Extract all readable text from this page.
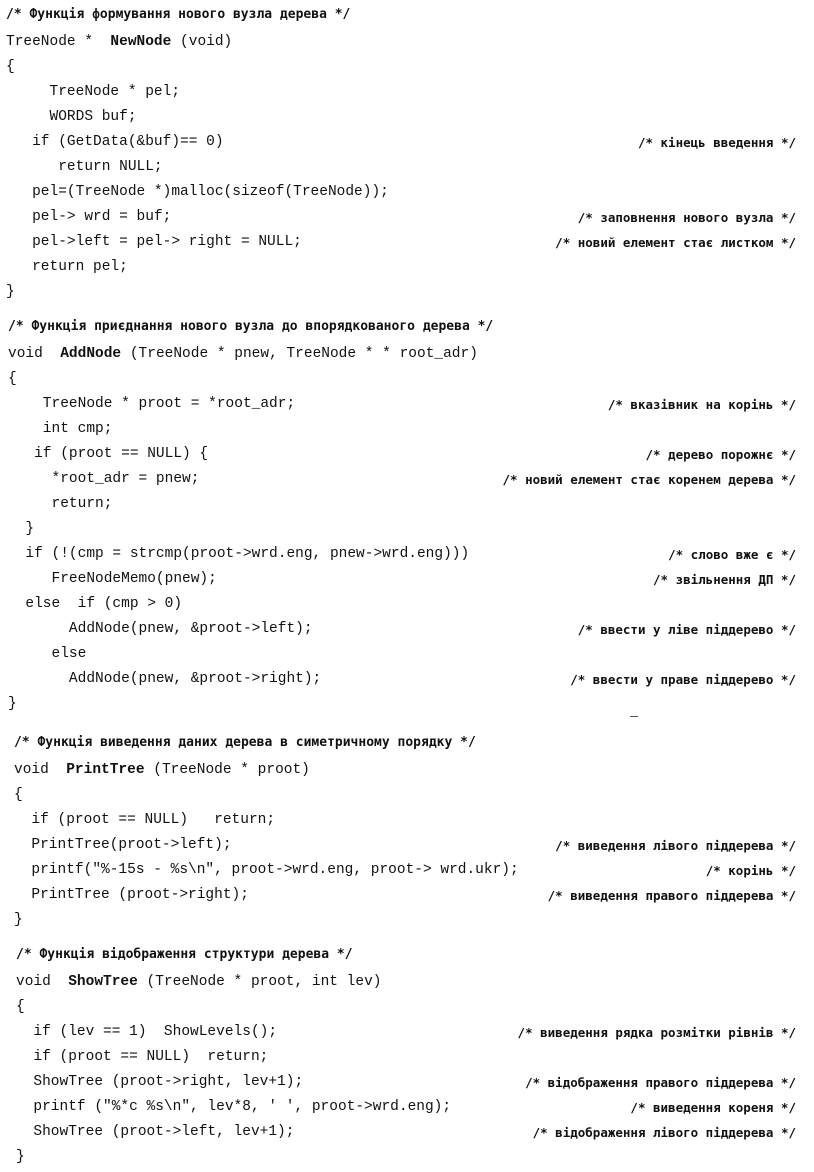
/* Функція формування нового вузла дерева */
TreeNode *  NewNode (void)
{
TreeNode * pel;
WORDS buf;
if (GetData(&buf)== 0)	/* кінець введення */
return NULL;
pel=(TreeNode *)malloc(sizeof(TreeNode));
pel-> wrd = buf;	/* заповнення нового вузла */
pel->left = pel-> right = NULL;	/* новий елемент стає листком */
return pel;
}
/* Функція приєднання нового вузла до впорядкованого дерева */
void  AddNode (TreeNode * pnew, TreeNode * * root_adr)
{
TreeNode * proot = *root_adr;	/* вказівник на корінь */
int cmp;
if (proot == NULL) {	/* дерево порожнє */
*root_adr = pnew;	/* новий елемент стає коренем дерева */
return;
}
if (!(cmp = strcmp(proot->wrd.eng, pnew->wrd.eng)))	/* слово вже є */
FreeNodeMemo(pnew);	/* звільнення ДП */
else  if (cmp > 0)
AddNode(pnew, &proot->left);	/* ввести у ліве піддерево */
else
AddNode(pnew, &proot->right);	/* ввести у праве піддерево */
}
/* Функція виведення даних дерева в симетричному порядку */
void  PrintTree (TreeNode * proot)
{
if (proot == NULL)   return;
PrintTree(proot->left);	/* виведення лівого піддерева */
printf("%-15s - %s\n", proot->wrd.eng, proot-> wrd.ukr);	/* корінь */
PrintTree (proot->right);	/* виведення правого піддерева */
}
/* Функція відображення структури дерева */
void  ShowTree (TreeNode * proot, int lev)
{
if (lev == 1)  ShowLevels();	/* виведення рядка розмітки рівнів */
if (proot == NULL)  return;
ShowTree (proot->right, lev+1);	/* відображення правого піддерева */
printf ("%*c %s\n", lev*8, ' ', proot->wrd.eng);	/* виведення кореня */
ShowTree (proot->left, lev+1);	/* відображення лівого піддерева */
}
